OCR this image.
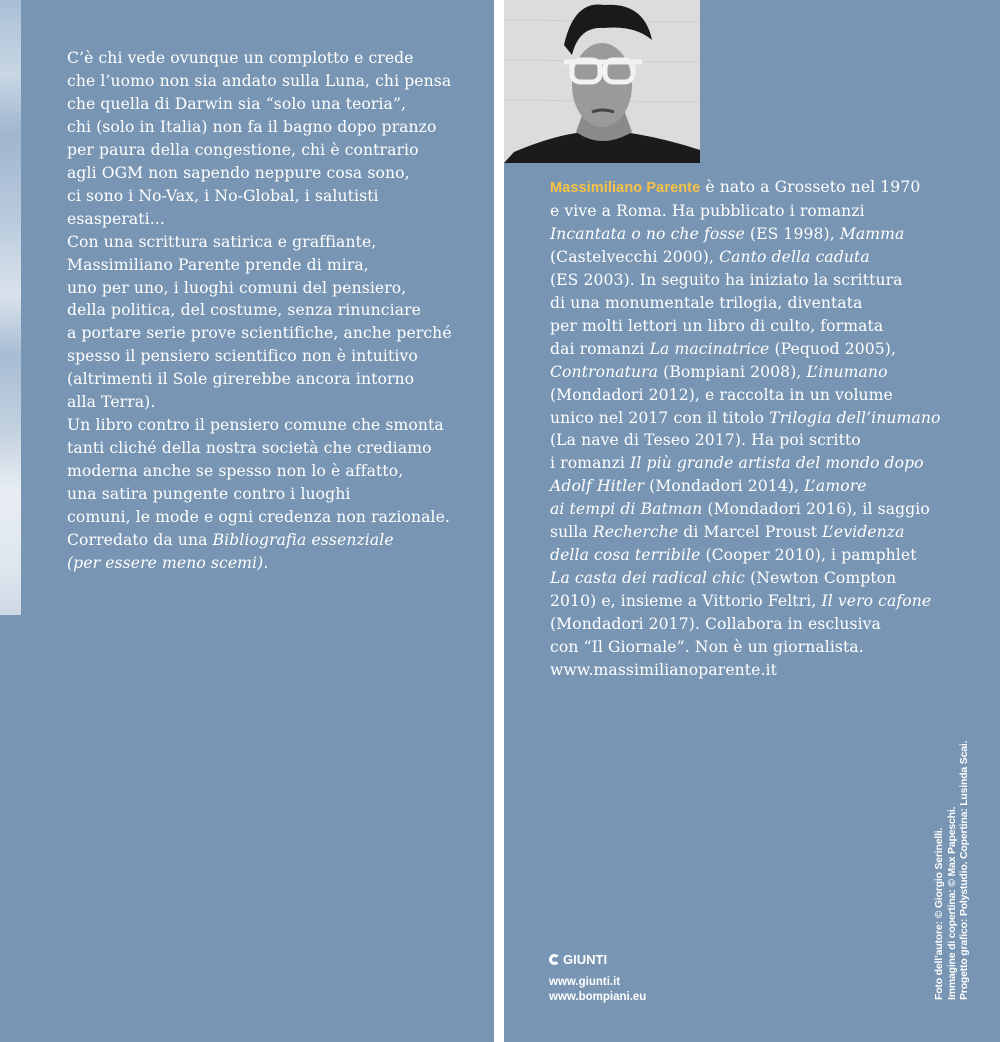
C’è chi vede ovunque un complotto e crede
che l’uomo non sia andato sulla Luna, chi pensa
che quella di Darwin sia “solo una teoria”,
chi (solo in Italia) non fa il bagno dopo pranzo
per paura della congestione, chi è contrario
agli OGM non sapendo neppure cosa sono,
ci sono i No-Vax, i No-Global, i salutisti
esasperati...
Con una scrittura satirica e graffiante,
Massimiliano Parente prende di mira,
uno per uno, i luoghi comuni del pensiero,
della politica, del costume, senza rinunciare
a portare serie prove scientifiche, anche perché
spesso il pensiero scientifico non è intuitivo
(altrimenti il Sole girerebbe ancora intorno
alla Terra).
Un libro contro il pensiero comune che smonta
tanti cliché della nostra società che crediamo
moderna anche se spesso non lo è affatto,
una satira pungente contro i luoghi
comuni, le mode e ogni credenza non razionale.
Corredato da una Bibliografia essenziale
(per essere meno scemi).
Massimiliano Parente è nato a Grosseto nel 1970
e vive a Roma. Ha pubblicato i romanzi
Incantata o no che fosse (ES 1998), Mamma
(Castelvecchi 2000), Canto della caduta
(ES 2003). In seguito ha iniziato la scrittura
di una monumentale trilogia, diventata
per molti lettori un libro di culto, formata
dai romanzi La macinatrice (Pequod 2005),
Contronatura (Bompiani 2008), L’inumano
(Mondadori 2012), e raccolta in un volume
unico nel 2017 con il titolo Trilogia dell’inumano
(La nave di Teseo 2017). Ha poi scritto
i romanzi Il più grande artista del mondo dopo
Adolf Hitler (Mondadori 2014), L’amore
ai tempi di Batman (Mondadori 2016), il saggio
sulla Recherche di Marcel Proust L’evidenza
della cosa terribile (Cooper 2010), i pamphlet
La casta dei radical chic (Newton Compton
2010) e, insieme a Vittorio Feltri, Il vero cafone
(Mondadori 2017). Collabora in esclusiva
con “Il Giornale”. Non è un giornalista.
www.massimilianoparente.it
GIUNTI
www.giunti.it
www.bompiani.eu	Foto dell’autore: © Giorgio Serinelli. Immagine di copertina: © Max Papeschi. Progetto grafico: Polystudio. Copertina: Lusinda Scai.
